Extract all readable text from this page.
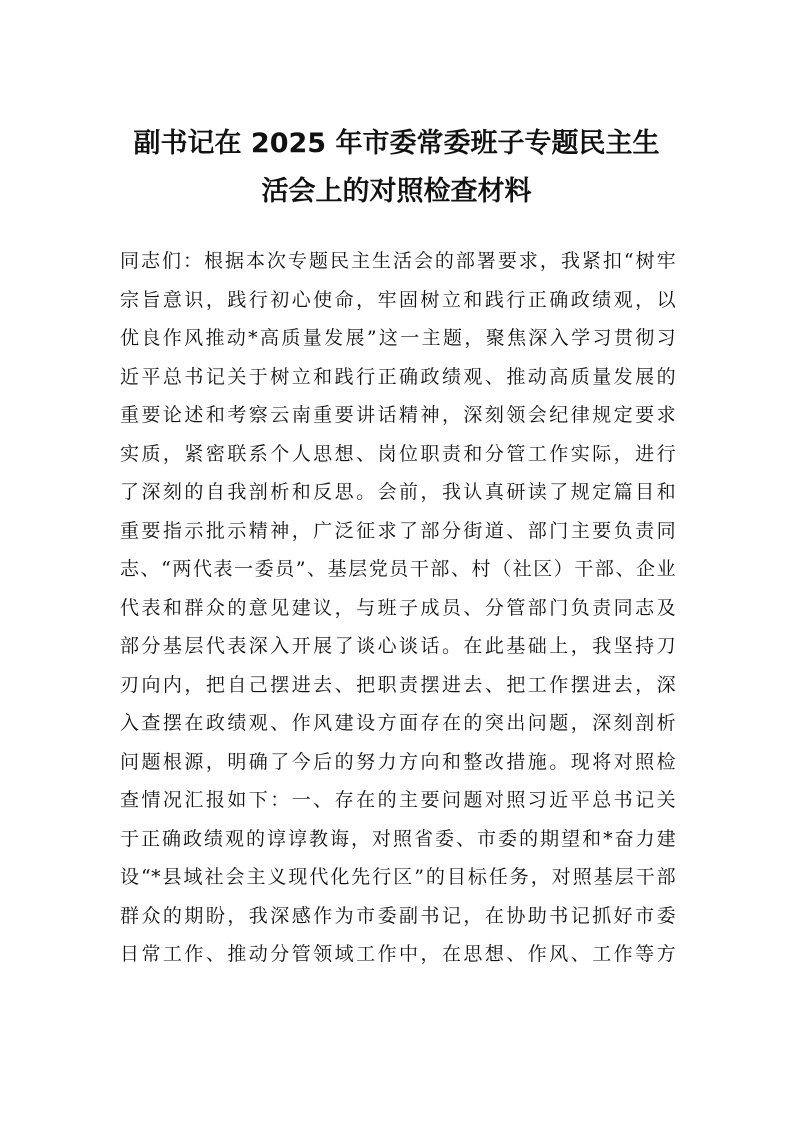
副书记在 2025 年市委常委班子专题民主生
活会上的对照检查材料
同志们：根据本次专题民主生活会的部署要求，我紧扣“树牢
宗旨意识，践行初心使命，牢固树立和践行正确政绩观，以
优良作风推动*高质量发展”这一主题，聚焦深入学习贯彻习
近平总书记关于树立和践行正确政绩观、推动高质量发展的
重要论述和考察云南重要讲话精神，深刻领会纪律规定要求
实质，紧密联系个人思想、岗位职责和分管工作实际，进行
了深刻的自我剖析和反思。会前，我认真研读了规定篇目和
重要指示批示精神，广泛征求了部分街道、部门主要负责同
志、“两代表一委员”、基层党员干部、村（社区）干部、企业
代表和群众的意见建议，与班子成员、分管部门负责同志及
部分基层代表深入开展了谈心谈话。在此基础上，我坚持刀
刃向内，把自己摆进去、把职责摆进去、把工作摆进去，深
入查摆在政绩观、作风建设方面存在的突出问题，深刻剖析
问题根源，明确了今后的努力方向和整改措施。现将对照检
查情况汇报如下：一、存在的主要问题对照习近平总书记关
于正确政绩观的谆谆教诲，对照省委、市委的期望和*奋力建
设“*县域社会主义现代化先行区”的目标任务，对照基层干部
群众的期盼，我深感作为市委副书记，在协助书记抓好市委
日常工作、推动分管领域工作中，在思想、作风、工作等方
